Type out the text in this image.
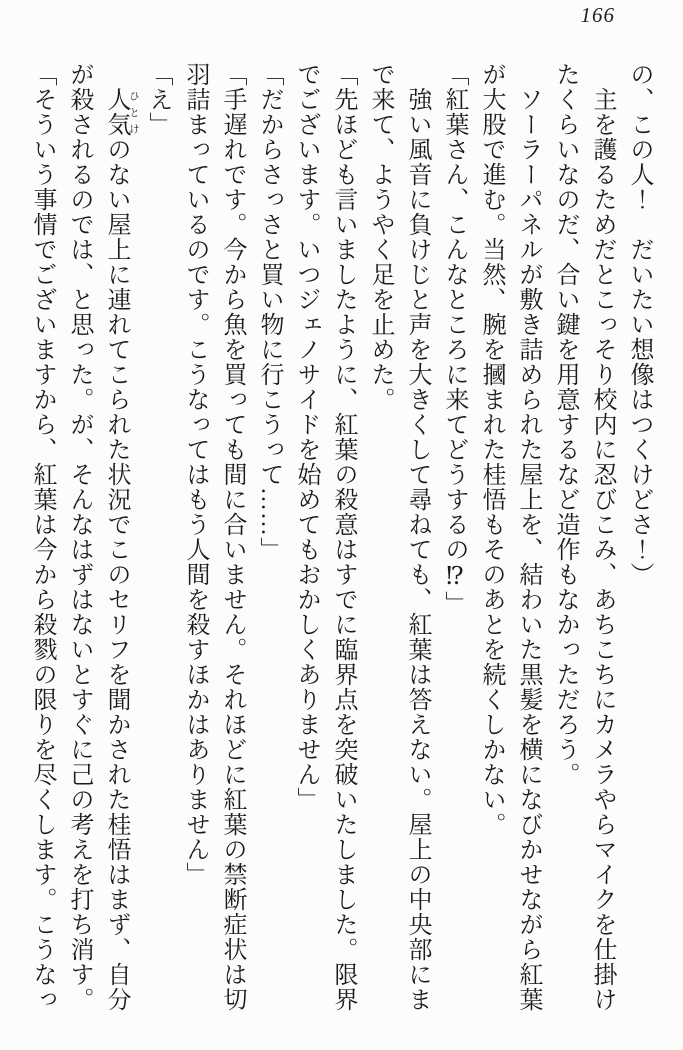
166
の、この人！　だいたい想像はつくけどさ！）
主を護るためだとこっそり校内に忍びこみ、あちこちにカメラやらマイクを仕掛け
たくらいなのだ、合い鍵を用意するなど造作もなかっただろう。
ソーラーパネルが敷き詰められた屋上を、結わいた黒髪を横になびかせながら紅葉
が大股で進む。当然、腕を摑まれた桂悟もそのあとを続くしかない。
「紅葉さん、こんなところに来てどうするの⁉」
強い風音に負けじと声を大きくして尋ねても、紅葉は答えない。屋上の中央部にま
で来て、ようやく足を止めた。
「先ほども言いましたように、紅葉の殺意はすでに臨界点を突破いたしました。限界
でございます。いつジェノサイドを始めてもおかしくありません」
「だからさっさと買い物に行こうって……」
「手遅れです。今から魚を買っても間に合いません。それほどに紅葉の禁断症状は切
羽詰まっているのです。こうなってはもう人間を殺すほかはありません」
「え」
人気 ひとけのない屋上に連れてこられた状況でこのセリフを聞かされた桂悟はまず、自分
が殺されるのでは、と思った。が、そんなはずはないとすぐに己の考えを打ち消す。
「そういう事情でございますから、紅葉は今から殺戮の限りを尽くします。こうなっ
